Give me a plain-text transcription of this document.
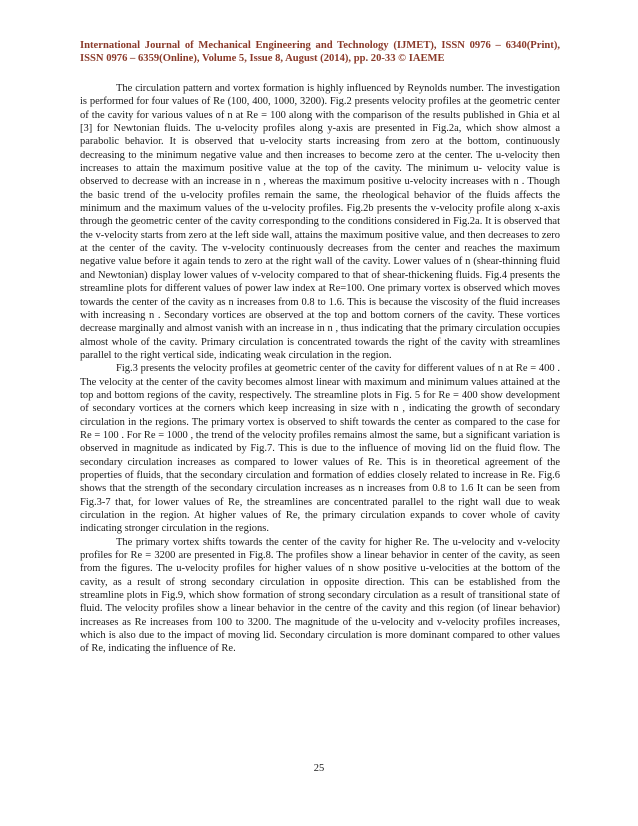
International Journal of Mechanical Engineering and Technology (IJMET), ISSN 0976 – 6340(Print), ISSN 0976 – 6359(Online), Volume 5, Issue 8, August (2014), pp. 20-33 © IAEME

The circulation pattern and vortex formation is highly influenced by Reynolds number. The investigation is performed for four values of Re (100, 400, 1000, 3200). Fig.2 presents velocity profiles at the geometric center of the cavity for various values of n at Re = 100 along with the comparison of the results published in Ghia et al [3] for Newtonian fluids. The u-velocity profiles along y-axis are presented in Fig.2a, which show almost a parabolic behavior. It is observed that u-velocity starts increasing from zero at the bottom, continuously decreasing to the minimum negative value and then increases to become zero at the center. The u-velocity then increases to attain the maximum positive value at the top of the cavity. The minimum u- velocity value is observed to decrease with an increase in n , whereas the maximum positive u-velocity increases with n . Though the basic trend of the u-velocity profiles remain the same, the rheological behavior of the fluids affects the minimum and the maximum values of the u-velocity profiles. Fig.2b presents the v-velocity profile along x-axis through the geometric center of the cavity corresponding to the conditions considered in Fig.2a. It is observed that the v-velocity starts from zero at the left side wall, attains the maximum positive value, and then decreases to zero at the center of the cavity. The v-velocity continuously decreases from the center and reaches the maximum negative value before it again tends to zero at the right wall of the cavity. Lower values of n (shear-thinning fluid and Newtonian) display lower values of v-velocity compared to that of shear-thickening fluids. Fig.4 presents the streamline plots for different values of power law index at Re=100. One primary vortex is observed which moves towards the center of the cavity as n increases from 0.8 to 1.6. This is because the viscosity of the fluid increases with increasing n . Secondary vortices are observed at the top and bottom corners of the cavity. These vortices decrease marginally and almost vanish with an increase in n , thus indicating that the primary circulation occupies almost whole of the cavity. Primary circulation is concentrated towards the right of the cavity with streamlines parallel to the right vertical side, indicating weak circulation in the region.

Fig.3 presents the velocity profiles at geometric center of the cavity for different values of n at Re = 400 . The velocity at the center of the cavity becomes almost linear with maximum and minimum values attained at the top and bottom regions of the cavity, respectively. The streamline plots in Fig. 5 for Re = 400 show development of secondary vortices at the corners which keep increasing in size with n , indicating the growth of secondary circulation in the regions. The primary vortex is observed to shift towards the center as compared to the case for Re = 100 . For Re = 1000 , the trend of the velocity profiles remains almost the same, but a significant variation is observed in magnitude as indicated by Fig.7. This is due to the influence of moving lid on the fluid flow. The secondary circulation increases as compared to lower values of Re. This is in theoretical agreement of the properties of fluids, that the secondary circulation and formation of eddies closely related to increase in Re. Fig.6 shows that the strength of the secondary circulation increases as n increases from 0.8 to 1.6 It can be seen from Fig.3-7 that, for lower values of Re, the streamlines are concentrated parallel to the right wall due to weak circulation in the region. At higher values of Re, the primary circulation expands to cover whole of cavity indicating stronger circulation in the regions.

The primary vortex shifts towards the center of the cavity for higher Re. The u-velocity and v-velocity profiles for Re = 3200 are presented in Fig.8. The profiles show a linear behavior in center of the cavity, as seen from the figures. The u-velocity profiles for higher values of n show positive u-velocities at the bottom of the cavity, as a result of strong secondary circulation in opposite direction. This can be established from the streamline plots in Fig.9, which show formation of strong secondary circulation as a result of transitional state of fluid. The velocity profiles show a linear behavior in the centre of the cavity and this region (of linear behavior) increases as Re increases from 100 to 3200. The magnitude of the u-velocity and v-velocity profiles increases, which is also due to the impact of moving lid. Secondary circulation is more dominant compared to other values of Re, indicating the influence of Re.

25
